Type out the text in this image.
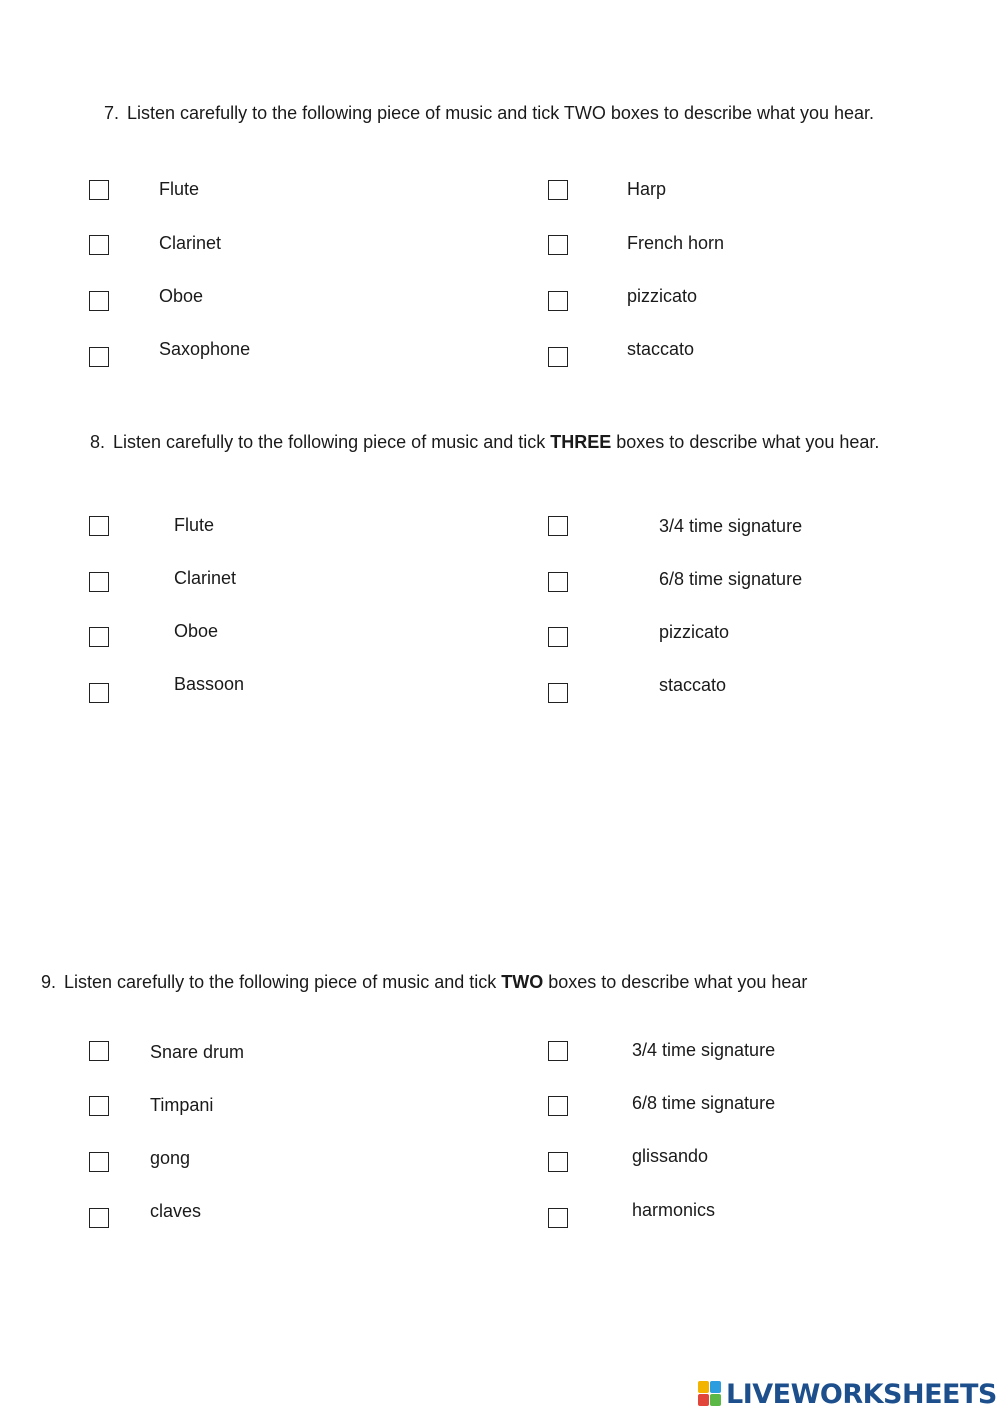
7. Listen carefully to the following piece of music and tick TWO boxes to describe what you hear.
Flute
Clarinet
Oboe
Saxophone
Harp
French horn
pizzicato
staccato
8. Listen carefully to the following piece of music and tick THREE boxes to describe what you hear.
Flute
Clarinet
Oboe
Bassoon
3/4 time signature
6/8 time signature
pizzicato
staccato
9. Listen carefully to the following piece of music and tick TWO boxes to describe what you hear
Snare drum
Timpani
gong
claves
3/4 time signature
6/8 time signature
glissando
harmonics
LIVEWORKSHEETS
